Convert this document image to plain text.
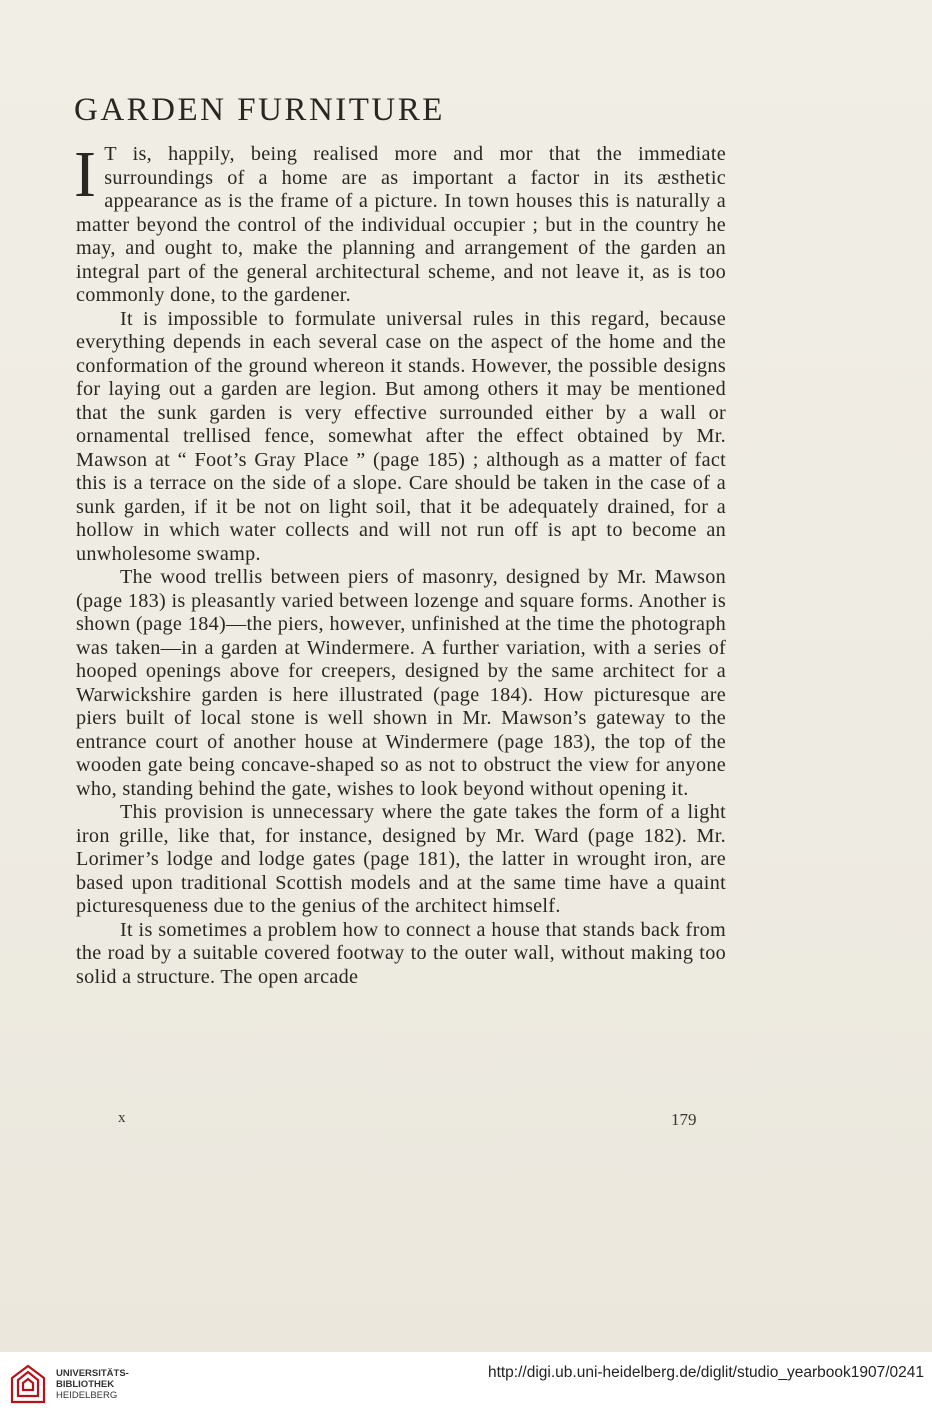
GARDEN FURNITURE

I T is, happily, being realised more and mor that the immediate surroundings of a home are as important a factor in its æsthetic appearance as is the frame of a picture. In town houses this is naturally a matter beyond the control of the individual occupier ; but in the country he may, and ought to, make the planning and arrangement of the garden an integral part of the general architectural scheme, and not leave it, as is too commonly done, to the gardener.

It is impossible to formulate universal rules in this regard, because everything depends in each several case on the aspect of the home and the conformation of the ground whereon it stands. However, the possible designs for laying out a garden are legion. But among others it may be mentioned that the sunk garden is very effective surrounded either by a wall or ornamental trellised fence, somewhat after the effect obtained by Mr. Mawson at “ Foot’s Gray Place ” (page 185) ; although as a matter of fact this is a terrace on the side of a slope. Care should be taken in the case of a sunk garden, if it be not on light soil, that it be adequately drained, for a hollow in which water collects and will not run off is apt to become an unwholesome swamp.

The wood trellis between piers of masonry, designed by Mr. Mawson (page 183) is pleasantly varied between lozenge and square forms. Another is shown (page 184)—the piers, however, unfinished at the time the photograph was taken—in a garden at Windermere. A further variation, with a series of hooped openings above for creepers, designed by the same architect for a Warwickshire garden is here illustrated (page 184). How picturesque are piers built of local stone is well shown in Mr. Mawson’s gateway to the entrance court of another house at Windermere (page 183), the top of the wooden gate being concave-shaped so as not to obstruct the view for anyone who, standing behind the gate, wishes to look beyond without opening it.

This provision is unnecessary where the gate takes the form of a light iron grille, like that, for instance, designed by Mr. Ward (page 182). Mr. Lorimer’s lodge and lodge gates (page 181), the latter in wrought iron, are based upon traditional Scottish models and at the same time have a quaint picturesqueness due to the genius of the architect himself.

It is sometimes a problem how to connect a house that stands back from the road by a suitable covered footway to the outer wall, without making too solid a structure. The open arcade

x	179
UNIVERSITÄTS-
BIBLIOTHEK
HEIDELBERG
http://digi.ub.uni-heidelberg.de/diglit/studio_yearbook1907/0241
